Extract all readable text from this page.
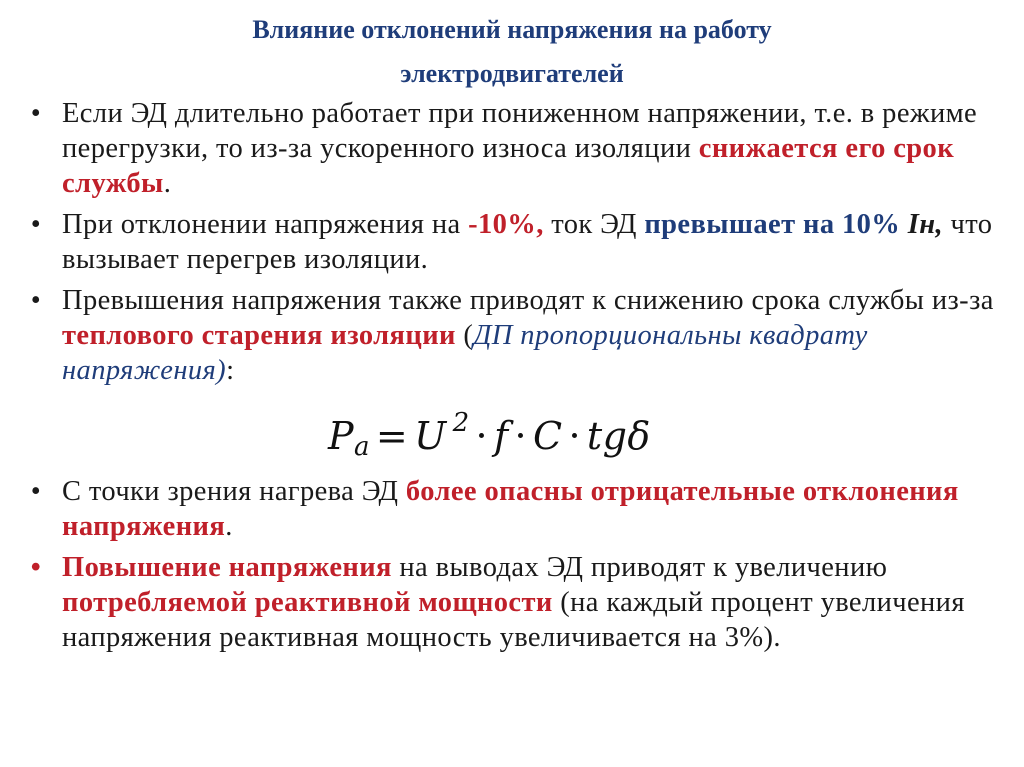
Влияние отклонений напряжения на работу
электродвигателей
• Если ЭД длительно работает при пониженном напряжении, т.е. в режиме перегрузки, то из-за ускоренного износа изоляции снижается его срок службы.
• При отклонении напряжения на -10%, ток ЭД превышает на 10% Iн, что вызывает перегрев изоляции.
• Превышения напряжения также приводят к снижению срока службы из-за теплового старения изоляции (ДП пропорциональны квадрату напряжения):
$P_a = U$ $^2$ · f · C · tgδ
• С точки зрения нагрева ЭД более опасны отрицательные отклонения напряжения.
• Повышение напряжения на выводах ЭД приводят к увеличению потребляемой реактивной мощности (на каждый процент увеличения напряжения реактивная мощность увеличивается на 3%).
